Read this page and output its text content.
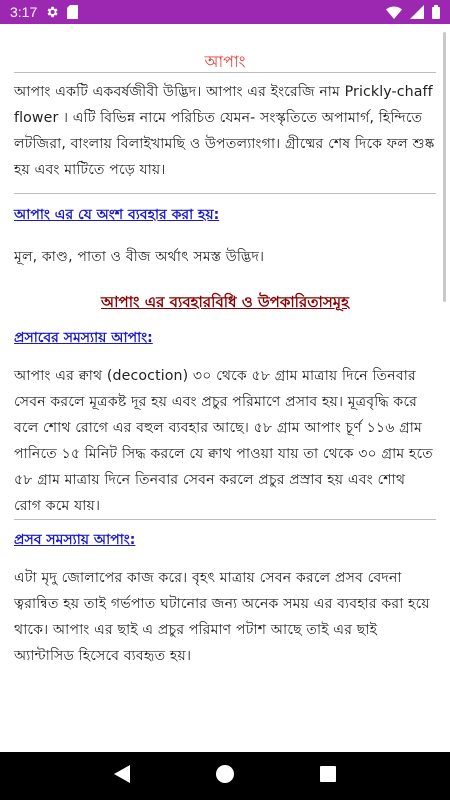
3:17
আপাং

আপাং একটি একবর্ষজীবী উদ্ভিদ। আপাং এর ইংরেজি নাম Prickly-chaff flower । এটি বিভিন্ন নামে পরিচিত যেমন- সংস্কৃতিতে অপামার্গ, হিন্দিতে লটজিরা, বাংলায় বিলাইখামছি ও উপতল্যাংগা। গ্রীষ্মের শেষ দিকে ফল শুষ্ক হয় এবং মাটিতে পড়ে যায়।

আপাং এর যে অংশ ব্যবহার করা হয়:

মূল, কাণ্ড, পাতা ও বীজ অর্থাৎ সমস্ত উদ্ভিদ।

আপাং এর ব্যবহারবিধি ও উপকারিতাসমূহ
প্রসাবের সমস্যায় আপাং:

আপাং এর ক্বাথ (decoction) ৩০ থেকে ৫৮ গ্রাম মাত্রায় দিনে তিনবার সেবন করলে মূত্রকষ্ট দূর হয় এবং প্রচুর পরিমাণে প্রসাব হয়। মূত্রবৃদ্ধি করে বলে শোথ রোগে এর বহুল ব্যবহার আছে। ৫৮ গ্রাম আপাং চূর্ণ ১১৬ গ্রাম পানিতে ১৫ মিনিট সিদ্ধ করলে যে ক্বাথ পাওয়া যায় তা থেকে ৩০ গ্রাম হতে ৫৮ গ্রাম মাত্রায় দিনে তিনবার সেবন করলে প্রচুর প্রস্রাব হয় এবং শোথ রোগ কমে যায়।

প্রসব সমস্যায় আপাং:

এটা মৃদু জোলাপের কাজ করে। বৃহৎ মাত্রায় সেবন করলে প্রসব বেদনা ত্বরান্বিত হয় তাই গর্ভপাত ঘটানোর জন্য অনেক সময় এর ব্যবহার করা হয়ে থাকে। আপাং এর ছাই এ প্রচুর পরিমাণ পটাশ আছে তাই এর ছাই অ্যান্টাসিড হিসেবে ব্যবহৃত হয়।
